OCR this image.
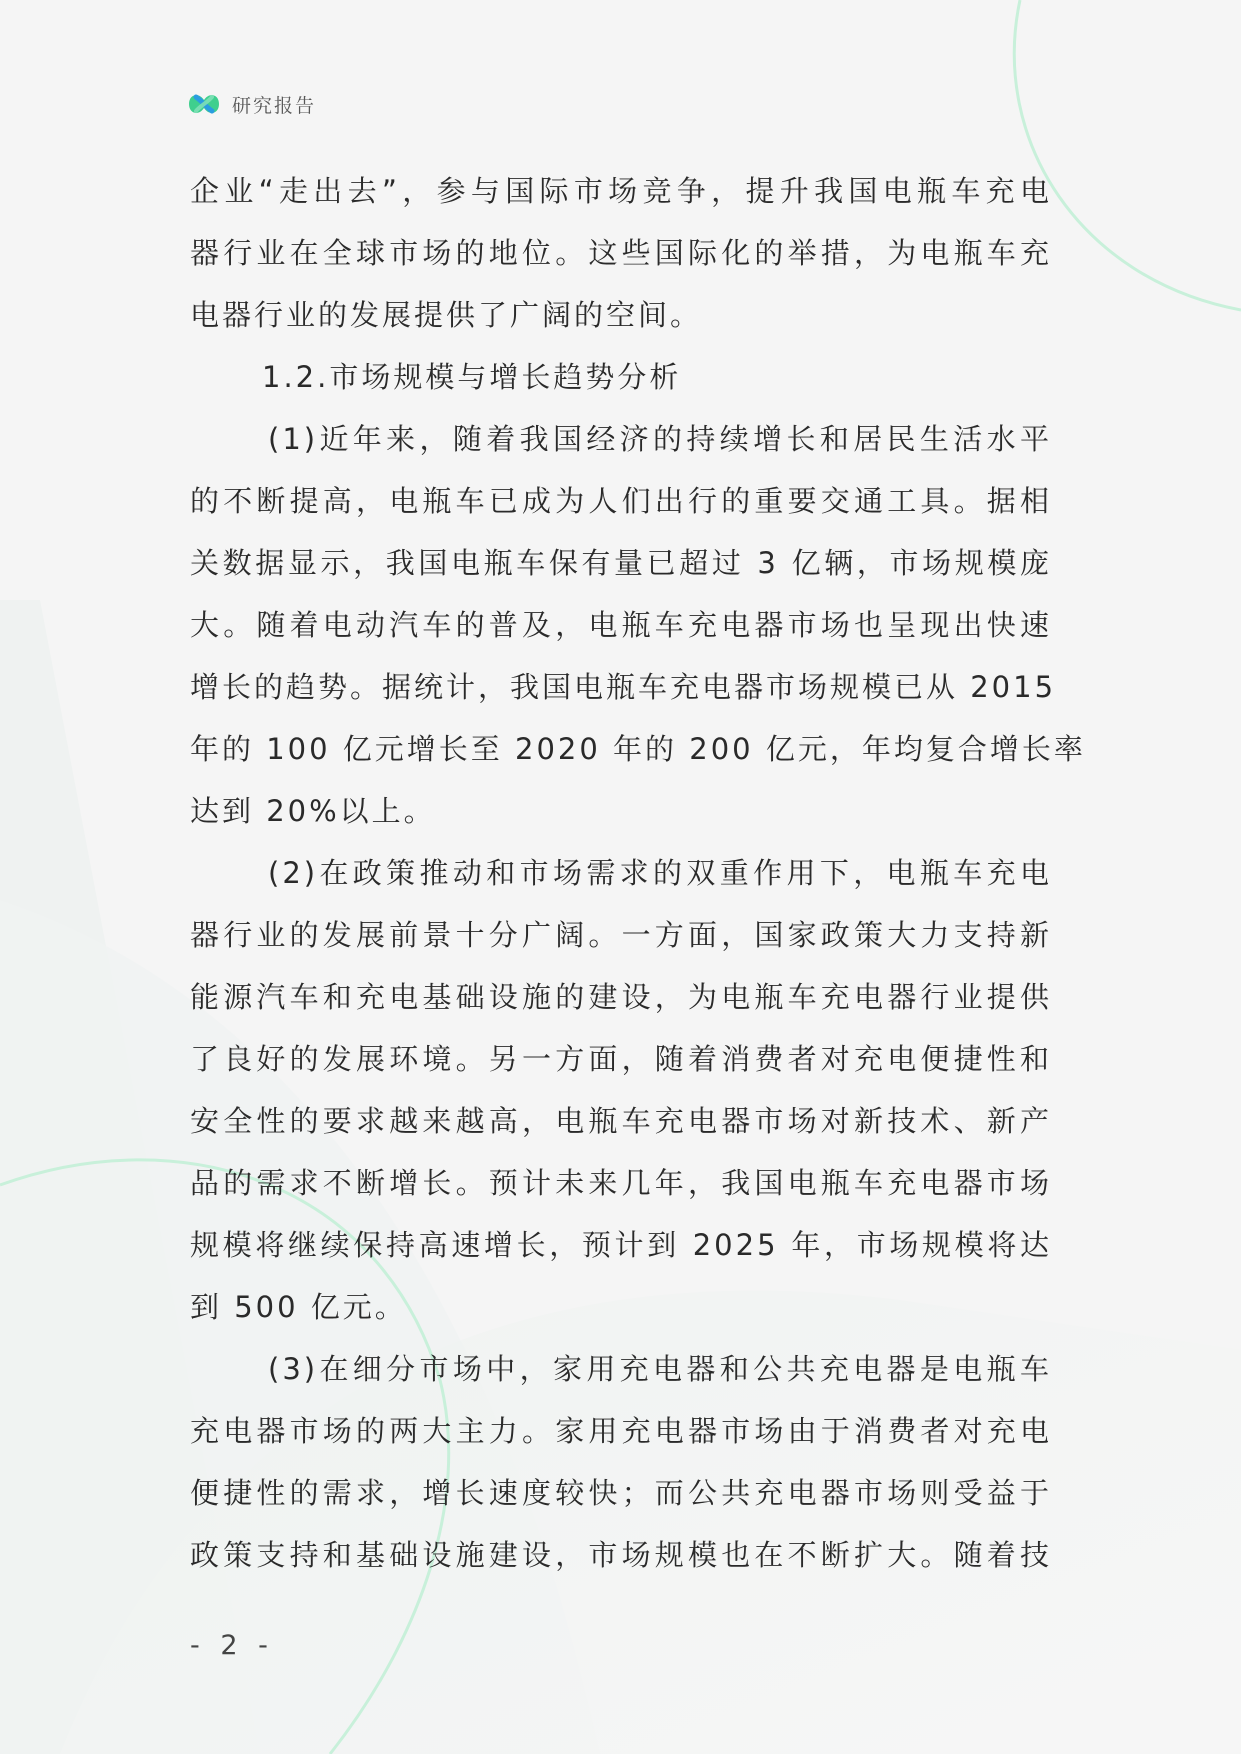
研究报告
企业“走出去”，参与国际市场竞争，提升我国电瓶车充电
器行业在全球市场的地位。这些国际化的举措，为电瓶车充
电器行业的发展提供了广阔的空间。
1.2.市场规模与增长趋势分析
(1)近年来，随着我国经济的持续增长和居民生活水平
的不断提高，电瓶车已成为人们出行的重要交通工具。据相
关数据显示，我国电瓶车保有量已超过 3 亿辆，市场规模庞
大。随着电动汽车的普及，电瓶车充电器市场也呈现出快速
增长的趋势。据统计，我国电瓶车充电器市场规模已从 2015
年的 100 亿元增长至 2020 年的 200 亿元，年均复合增长率
达到 20%以上。
(2)在政策推动和市场需求的双重作用下，电瓶车充电
器行业的发展前景十分广阔。一方面，国家政策大力支持新
能源汽车和充电基础设施的建设，为电瓶车充电器行业提供
了良好的发展环境。另一方面，随着消费者对充电便捷性和
安全性的要求越来越高，电瓶车充电器市场对新技术、新产
品的需求不断增长。预计未来几年，我国电瓶车充电器市场
规模将继续保持高速增长，预计到 2025 年，市场规模将达
到 500 亿元。
(3)在细分市场中，家用充电器和公共充电器是电瓶车
充电器市场的两大主力。家用充电器市场由于消费者对充电
便捷性的需求，增长速度较快；而公共充电器市场则受益于
政策支持和基础设施建设，市场规模也在不断扩大。随着技
- 2 -
